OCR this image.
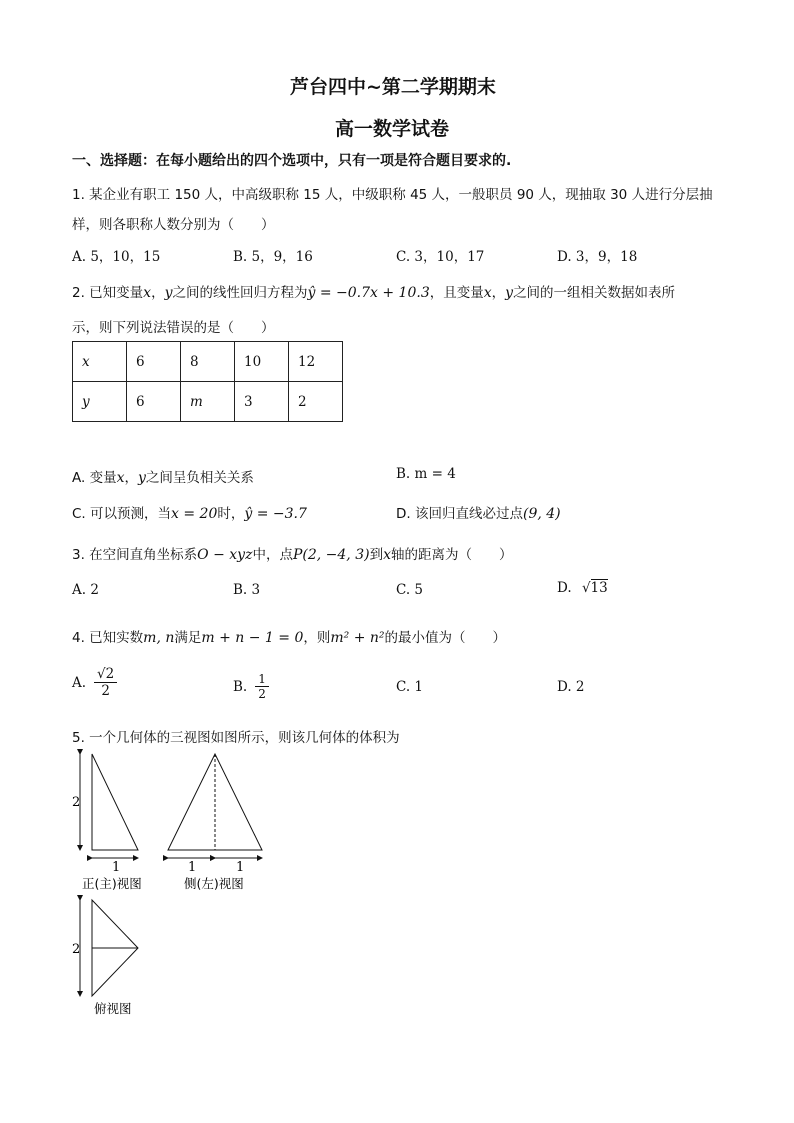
芦台四中~第二学期期末
高一数学试卷
一、选择题：在每小题给出的四个选项中，只有一项是符合题目要求的.
1. 某企业有职工 150 人，中高级职称 15 人，中级职称 45 人，一般职员 90 人，现抽取 30 人进行分层抽
样，则各职称人数分别为（　　）
A. 5，10，15	B. 5，9，16	C. 3，10，17	D. 3，9，18
2. 已知变量x，y之间的线性回归方程为ŷ = −0.7x + 10.3，且变量x，y之间的一组相关数据如表所
示，则下列说法错误的是（　　）
x	6	8	10	12
y	6	m	3	2
A. 变量x，y之间呈负相关关系	B. m = 4
C. 可以预测，当x = 20时，ŷ = −3.7	D. 该回归直线必过点(9, 4)
3. 在空间直角坐标系O − xyz中，点P(2, −4, 3)到x轴的距离为（　　）
A. 2	B. 3	C. 5	D. √13
4. 已知实数m, n满足m + n − 1 = 0，则m² + n²的最小值为（　　）
A. $\frac{√2}{2}$	B. $\frac{1}{2}$	C. 1	D. 2
5. 一个几何体的三视图如图所示，则该几何体的体积为
2
1	1	1
2
正(主)视图	侧(左)视图
俯视图
